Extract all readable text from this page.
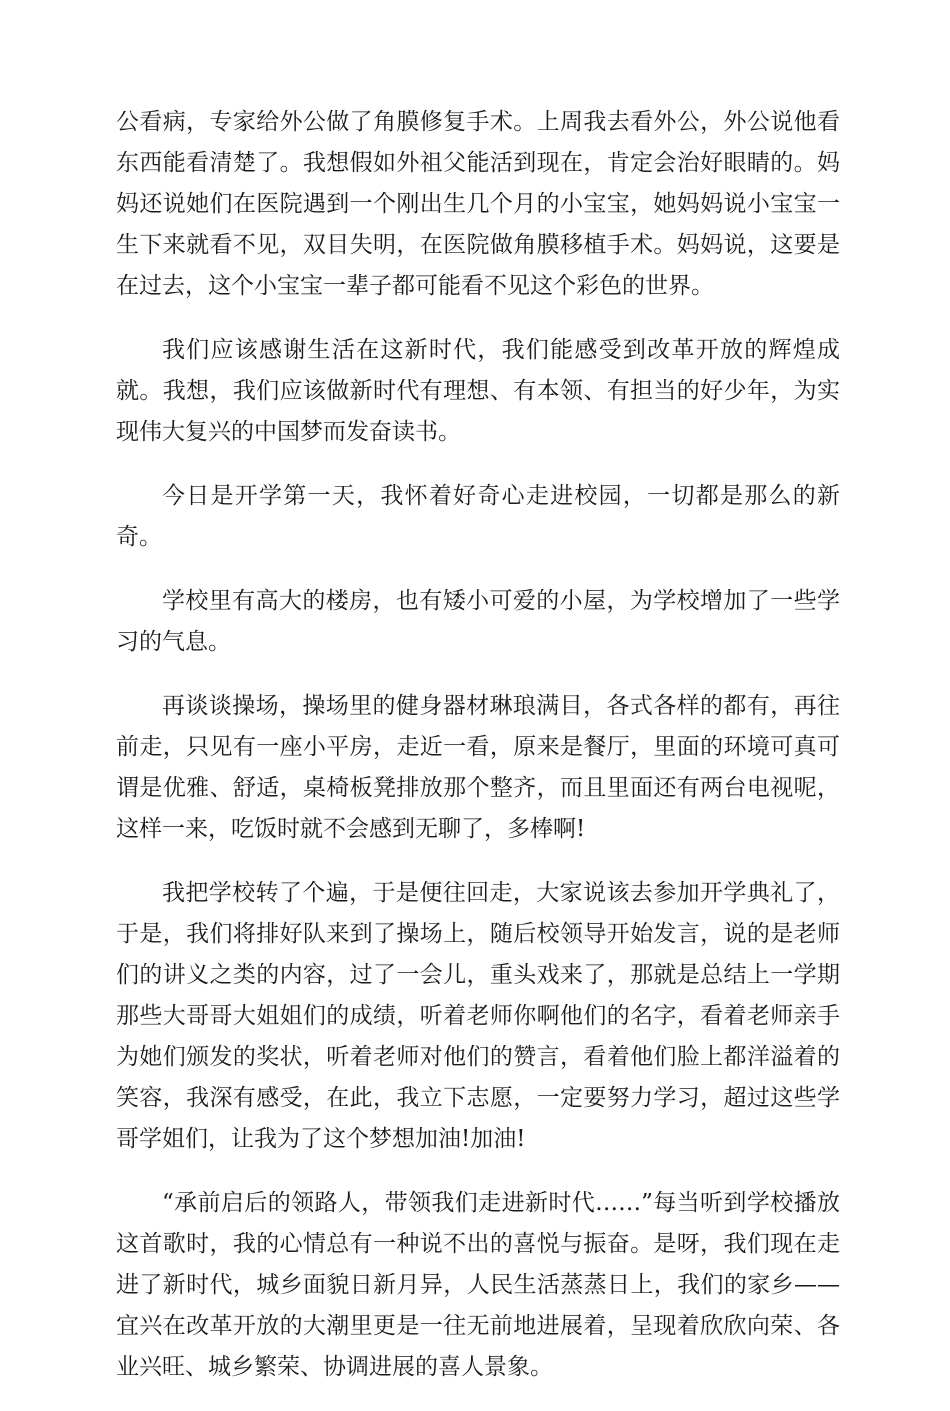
公看病，专家给外公做了角膜修复手术。上周我去看外公，外公说他看东西能看清楚了。我想假如外祖父能活到现在，肯定会治好眼睛的。妈妈还说她们在医院遇到一个刚出生几个月的小宝宝，她妈妈说小宝宝一生下来就看不见，双目失明，在医院做角膜移植手术。妈妈说，这要是在过去，这个小宝宝一辈子都可能看不见这个彩色的世界。

我们应该感谢生活在这新时代，我们能感受到改革开放的辉煌成就。我想，我们应该做新时代有理想、有本领、有担当的好少年，为实现伟大复兴的中国梦而发奋读书。

今日是开学第一天，我怀着好奇心走进校园，一切都是那么的新奇。

学校里有高大的楼房，也有矮小可爱的小屋，为学校增加了一些学习的气息。

再谈谈操场，操场里的健身器材琳琅满目，各式各样的都有，再往前走，只见有一座小平房，走近一看，原来是餐厅，里面的环境可真可谓是优雅、舒适，桌椅板凳排放那个整齐，而且里面还有两台电视呢，这样一来，吃饭时就不会感到无聊了，多棒啊!

我把学校转了个遍，于是便往回走，大家说该去参加开学典礼了，于是，我们将排好队来到了操场上，随后校领导开始发言，说的是老师们的讲义之类的内容，过了一会儿，重头戏来了，那就是总结上一学期那些大哥哥大姐姐们的成绩，听着老师你啊他们的名字，看着老师亲手为她们颁发的奖状，听着老师对他们的赞言，看着他们脸上都洋溢着的笑容，我深有感受，在此，我立下志愿，一定要努力学习，超过这些学哥学姐们，让我为了这个梦想加油!加油!

“承前启后的领路人，带领我们走进新时代……”每当听到学校播放这首歌时，我的心情总有一种说不出的喜悦与振奋。是呀，我们现在走进了新时代，城乡面貌日新月异，人民生活蒸蒸日上，我们的家乡——宜兴在改革开放的大潮里更是一往无前地进展着，呈现着欣欣向荣、各业兴旺、城乡繁荣、协调进展的喜人景象。
